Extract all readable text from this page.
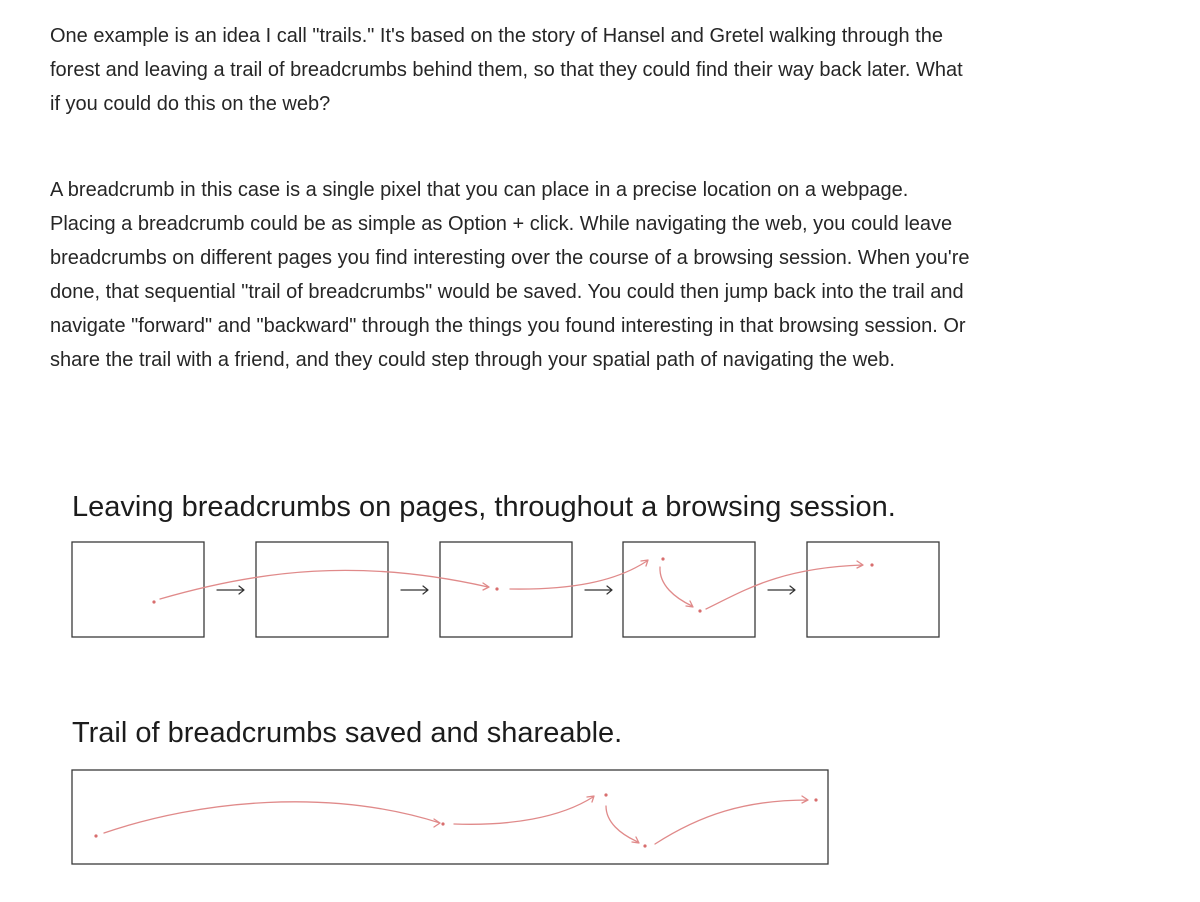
One example is an idea I call "trails." It's based on the story of Hansel and Gretel walking through the forest and leaving a trail of breadcrumbs behind them, so that they could find their way back later. What if you could do this on the web?

A breadcrumb in this case is a single pixel that you can place in a precise location on a webpage. Placing a breadcrumb could be as simple as Option + click. While navigating the web, you could leave breadcrumbs on different pages you find interesting over the course of a browsing session. When you're done, that sequential "trail of breadcrumbs" would be saved. You could then jump back into the trail and navigate "forward" and "backward" through the things you found interesting in that browsing session. Or share the trail with a friend, and they could step through your spatial path of navigating the web.

Leaving breadcrumbs on pages, throughout a browsing session.
Trail of breadcrumbs saved and shareable.
